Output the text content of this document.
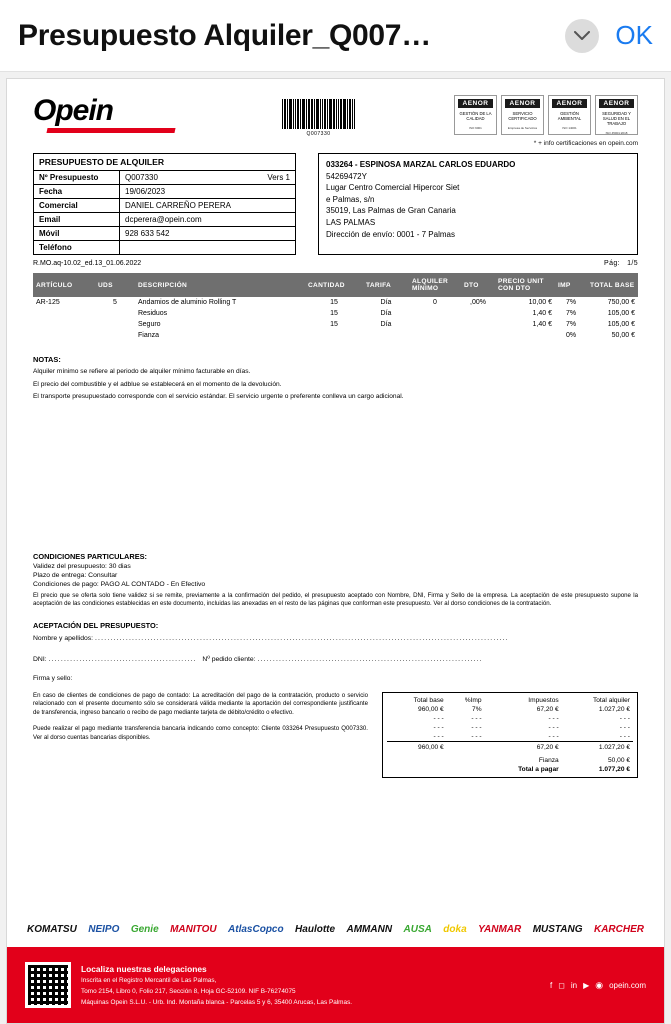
Presupuesto Alquiler_Q007…	OK
Opein
Q007330
AENOR
GESTIÓN DE LA CALIDAD
ISO 9001
AENOR
SERVICIO CERTIFICADO
Empresa de Servicios
AENOR
GESTIÓN AMBIENTAL
ISO 14001
AENOR
SEGURIDAD Y SALUD EN EL TRABAJO
ISO 45001:2018
* + info certificaciones en opein.com
PRESUPUESTO DE ALQUILER
Nº Presupuesto	Q007330	Vers 1
Fecha	19/06/2023
Comercial	DANIEL CARREÑO PERERA
Email	dcperera@opein.com
Móvil	928 633 542
Teléfono
033264 - ESPINOSA MARZAL CARLOS EDUARDO
54269472Y
Lugar Centro Comercial Hipercor Siet
e Palmas, s/n
35019, Las Palmas de Gran Canaria
LAS PALMAS
Dirección de envío: 0001 - 7 Palmas
R.MO.aq-10.02_ed.13_01.06.2022	Pág: 1/5
ARTÍCULO	UDS	DESCRIPCIÓN	CANTIDAD	TARIFA	ALQUILER MÍNIMO	DTO	PRECIO UNIT CON DTO	IMP	TOTAL BASE
AR-125	5	Andamios de aluminio Rolling T	15	Día	0	,00%	10,00 €	7%	750,00 €
		Residuos	15	Día			1,40 €	7%	105,00 €
		Seguro	15	Día			1,40 €	7%	105,00 €
		Fianza						0%	50,00 €
NOTAS:
Alquiler mínimo se refiere al periodo de alquiler mínimo facturable en días.
El precio del combustible y el adblue se establecerá en el momento de la devolución.
El transporte presupuestado corresponde con el servicio estándar. El servicio urgente o preferente conlleva un cargo adicional.
CONDICIONES PARTICULARES:
Validez del presupuesto: 30 dias
Plazo de entrega: Consultar
Condiciones de pago: PAGO AL CONTADO - En Efectivo
El precio que se oferta solo tiene validez si se remite, previamente a la confirmación del pedido, el presupuesto aceptado con Nombre, DNI, Firma y Sello de la empresa. La aceptación de este presupuesto supone la aceptación de las condiciones establecidas en este documento, incluidas las anexadas en el resto de las páginas que conforman este presupuesto. Ver al dorso condiciones de la contratación.
ACEPTACIÓN DEL PRESUPUESTO:
Nombre y apellidos: ......................................................................................................................................
DNI: ................................................ Nº pedido cliente: .........................................................................
Firma y sello:

En caso de clientes de condiciones de pago de contado: La acreditación del pago de la contratación, producto o servicio relacionado con el presente documento sólo se considerará válida mediante la aportación del correspondiente justificante de transferencia, ingreso bancario o recibo de pago mediante tarjeta de débito/crédito o efectivo.

Puede realizar el pago mediante transferencia bancaria indicando como concepto: Cliente 033264 Presupuesto Q007330. Ver al dorso cuentas bancarias disponibles.

Total base	%Imp	Impuestos	Total alquiler
960,00 €	7%	67,20 €	1.027,20 €
- - -	- - -	- - -	- - -
- - -	- - -	- - -	- - -
- - -	- - -	- - -	- - -
960,00 €		67,20 €	1.027,20 €
		Fianza	50,00 €
		Total a pagar	1.077,20 €
KOMATSU NEIPO Genie MANITOU AtlasCopco Haulotte AMMANN AUSA doka YANMAR MUSTANG KARCHER
Localiza nuestras delegaciones
Inscrita en el Registro Mercantil de Las Palmas,
Tomo 2154, Libro 0, Folio 217, Sección 8, Hoja GC-52109. NIF B-76274075
Máquinas Opein S.L.U. - Urb. Ind. Montaña blanca - Parcelas 5 y 6, 35400 Arucas, Las Palmas.
f ◻ in ▶ ◉ opein.com
